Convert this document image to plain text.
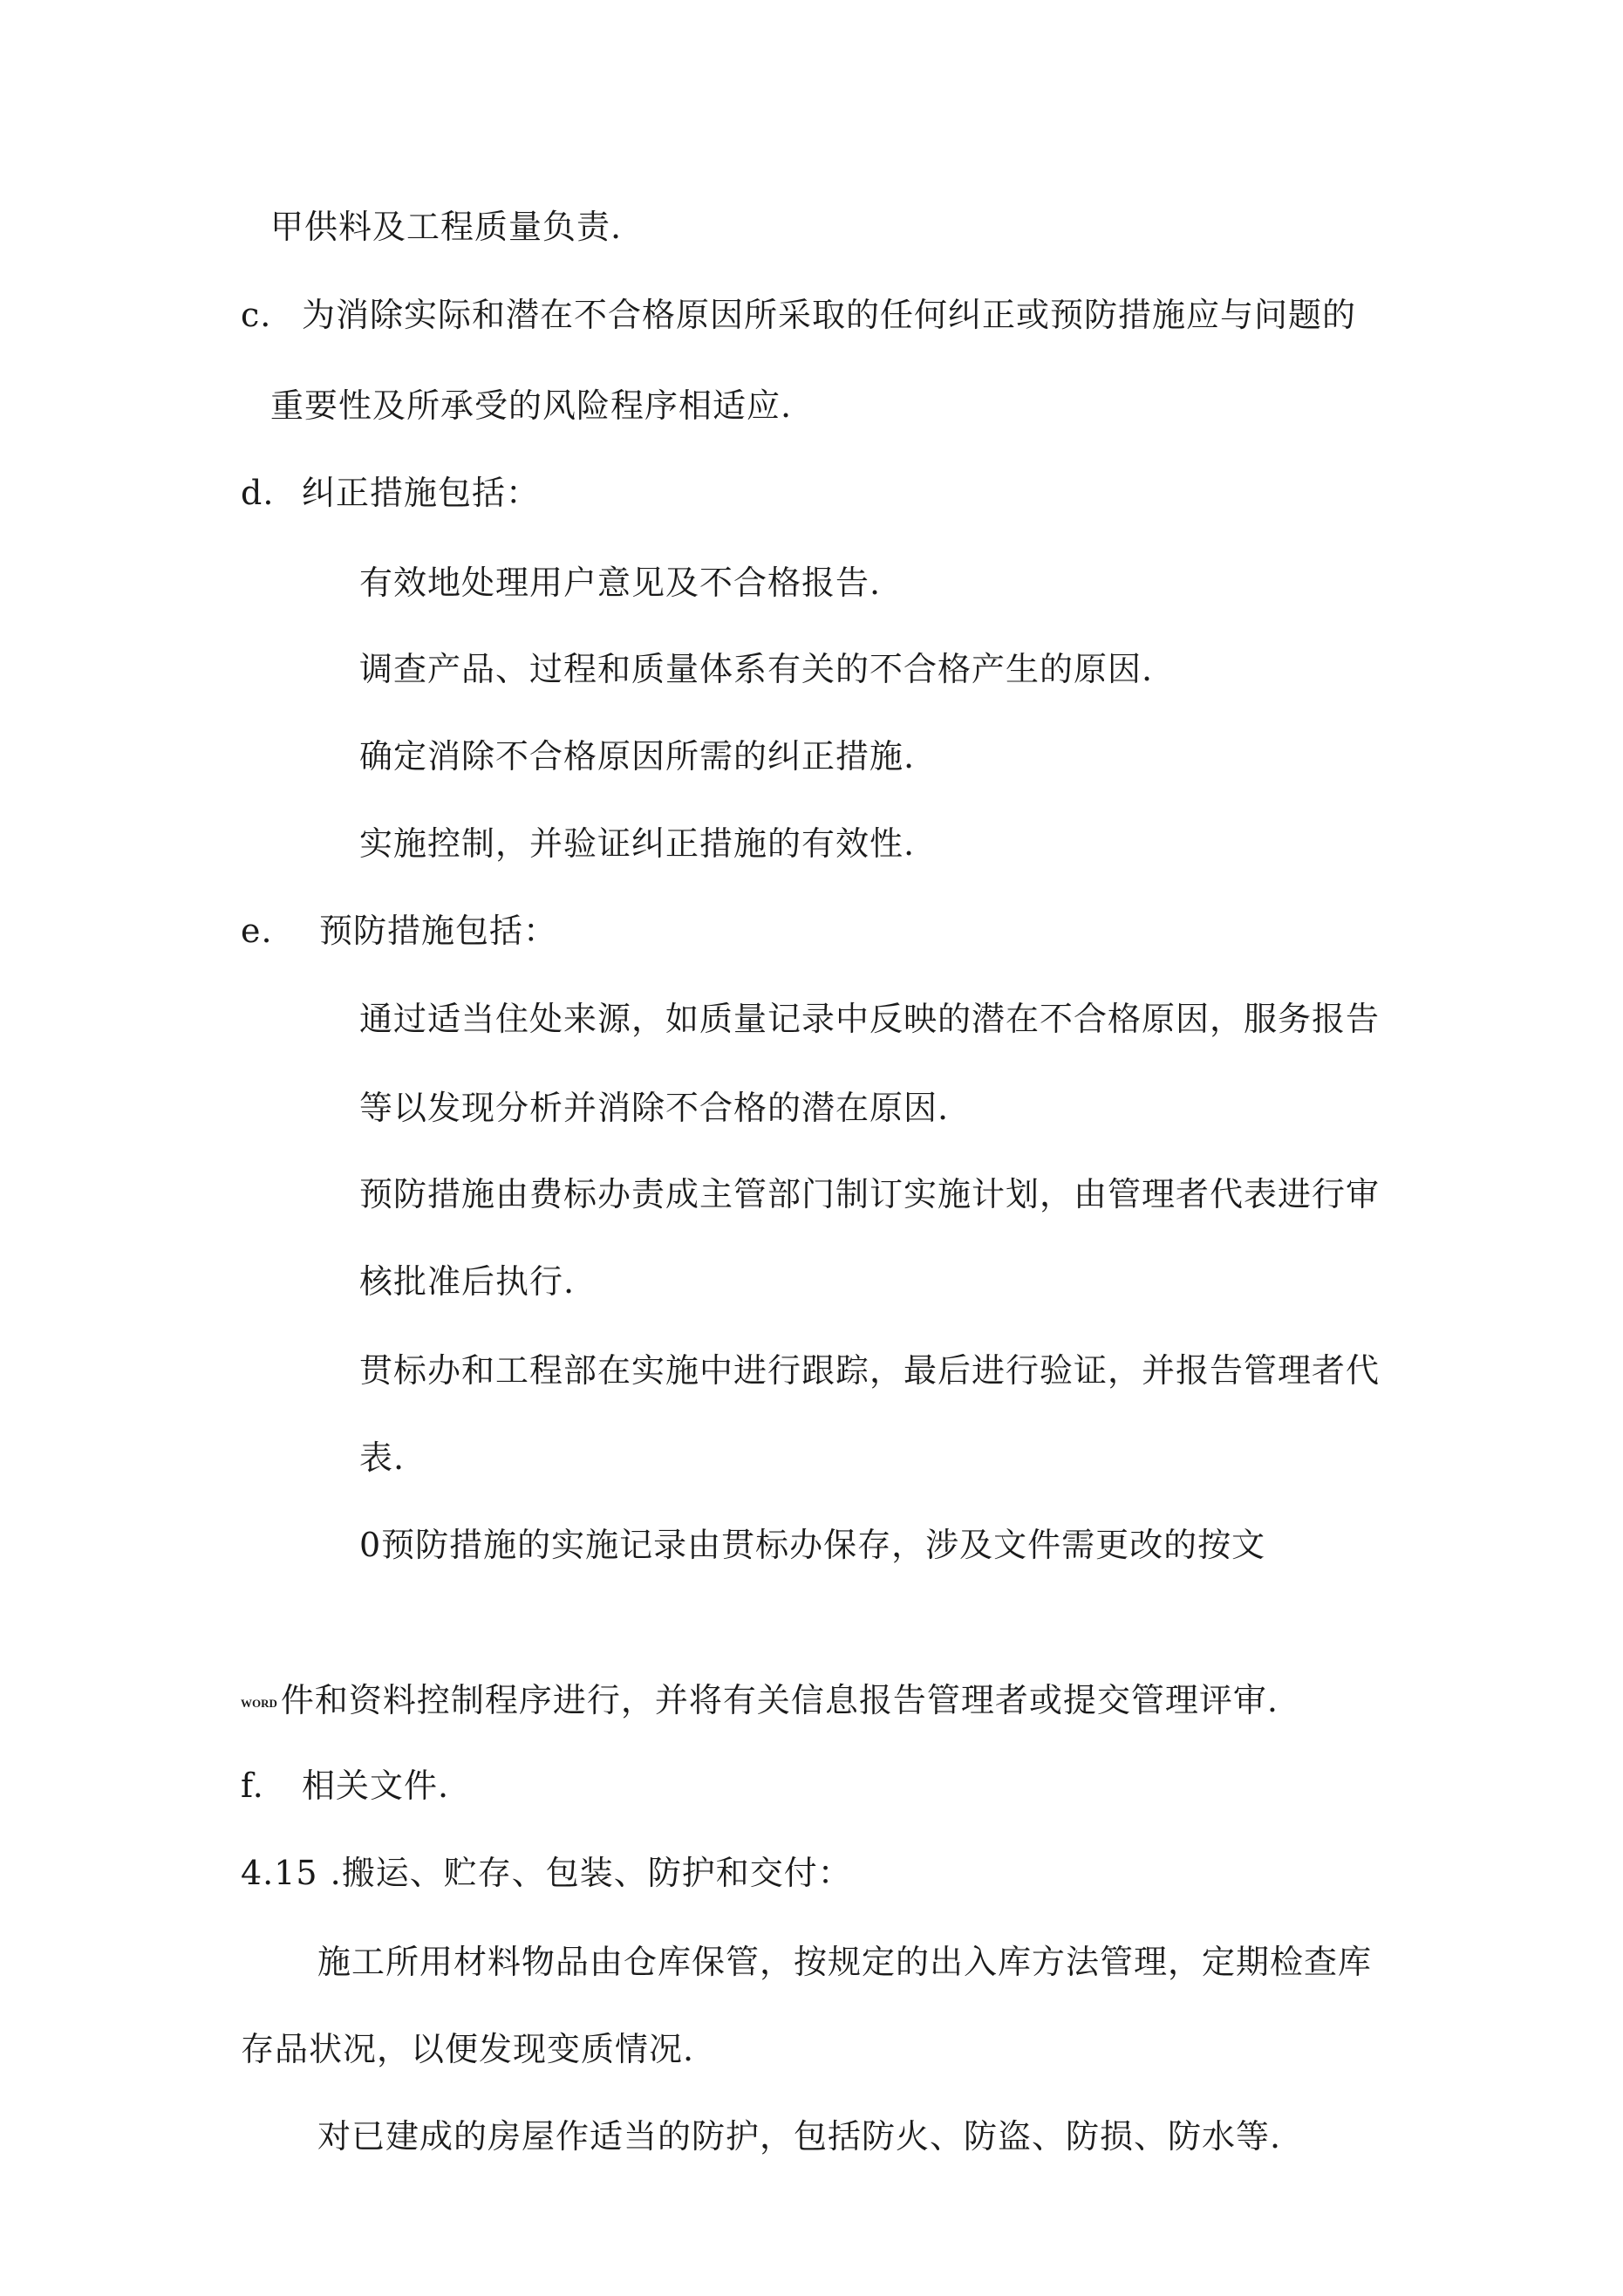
甲供料及工程质量负责.
c. 为消除实际和潜在不合格原因所采取的任何纠正或预防措施应与问题的
重要性及所承受的风险程序相适应.
d. 纠正措施包括：
有效地处理用户意见及不合格报告.
调查产品、过程和质量体系有关的不合格产生的原因.
确定消除不合格原因所需的纠正措施.
实施控制，并验证纠正措施的有效性.
e. 预防措施包括：
通过适当住处来源，如质量记录中反映的潜在不合格原因，服务报告
等以发现分析并消除不合格的潜在原因.
预防措施由费标办责成主管部门制订实施计划，由管理者代表进行审
核批准后执行.
贯标办和工程部在实施中进行跟踪，最后进行验证，并报告管理者代
表.
0预防措施的实施记录由贯标办保存，涉及文件需更改的按文
WORD 件和资料控制程序进行，并将有关信息报告管理者或提交管理评审.
f. 相关文件.
4.15 .搬运、贮存、包装、防护和交付：
施工所用材料物品由仓库保管，按规定的出入库方法管理，定期检查库
存品状况，以便发现变质情况.
对已建成的房屋作适当的防护，包括防火、防盗、防损、防水等.
